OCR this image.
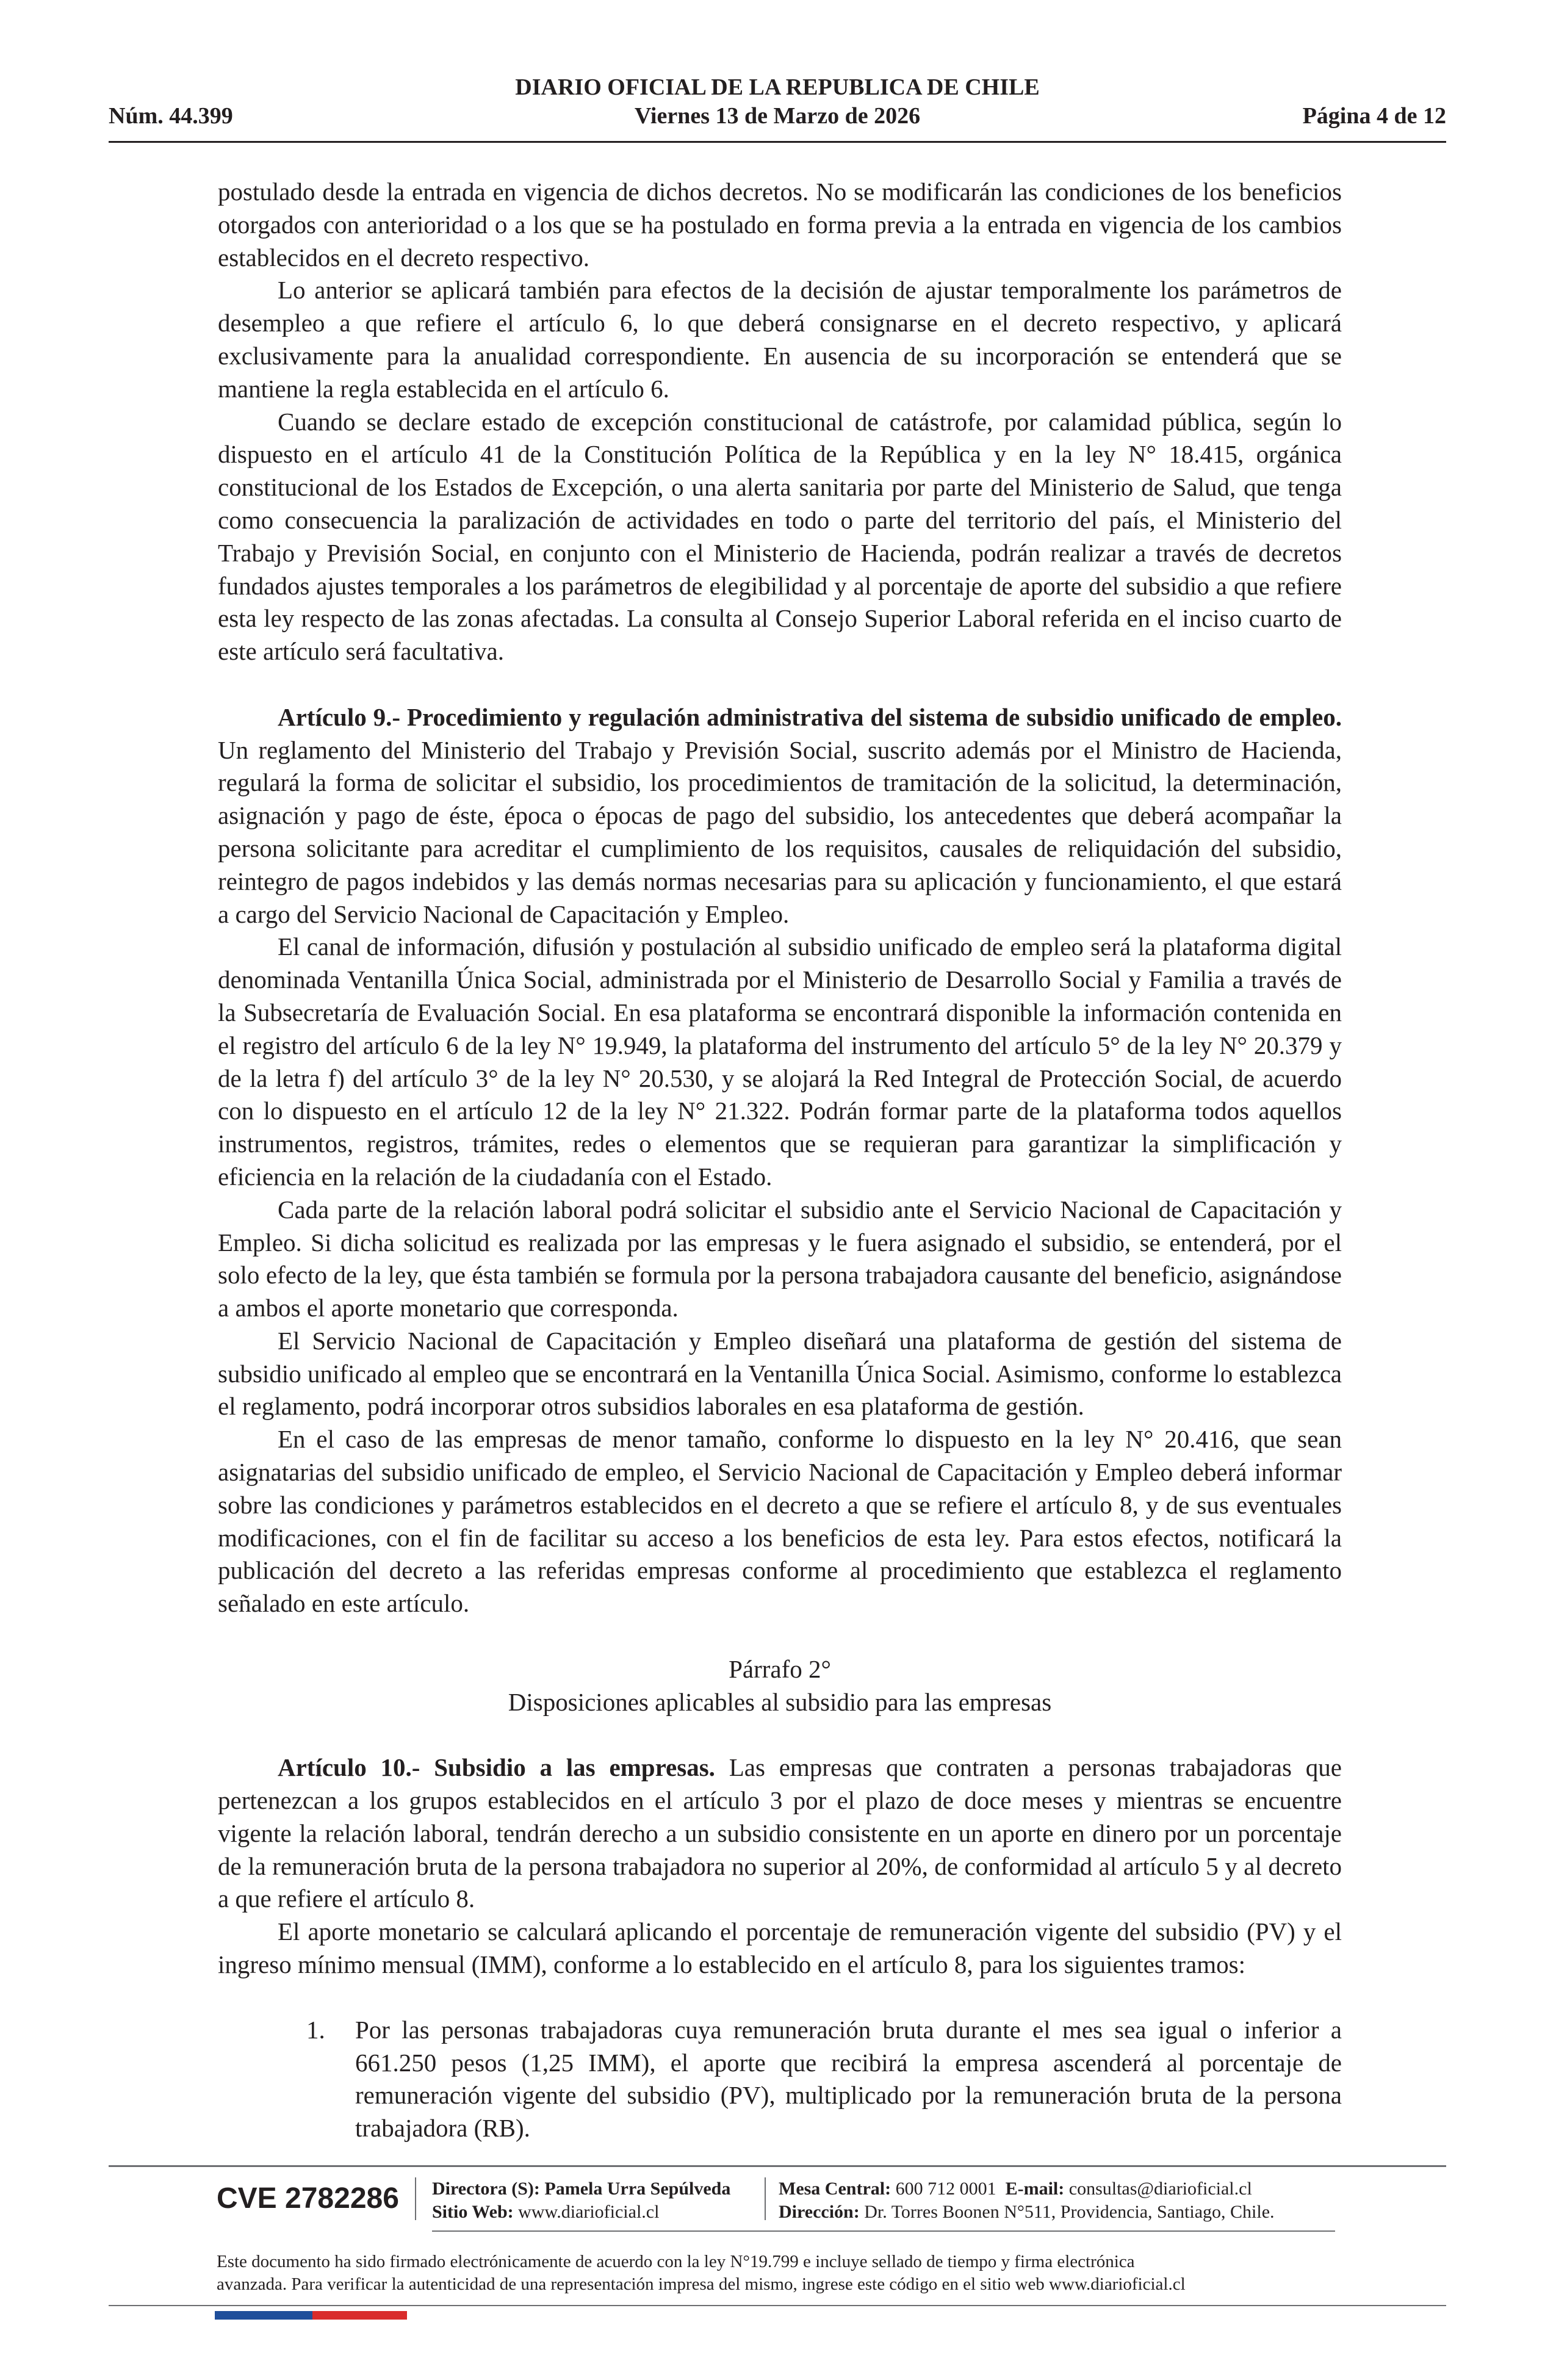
Núm. 44.399
DIARIO OFICIAL DE LA REPUBLICA DE CHILE
Viernes 13 de Marzo de 2026	Página 4 de 12

postulado desde la entrada en vigencia de dichos decretos. No se modificarán las condiciones de los beneficios otorgados con anterioridad o a los que se ha postulado en forma previa a la entrada en vigencia de los cambios establecidos en el decreto respectivo.

Lo anterior se aplicará también para efectos de la decisión de ajustar temporalmente los parámetros de desempleo a que refiere el artículo 6, lo que deberá consignarse en el decreto respectivo, y aplicará exclusivamente para la anualidad correspondiente. En ausencia de su incorporación se entenderá que se mantiene la regla establecida en el artículo 6.

Cuando se declare estado de excepción constitucional de catástrofe, por calamidad pública, según lo dispuesto en el artículo 41 de la Constitución Política de la República y en la ley N° 18.415, orgánica constitucional de los Estados de Excepción, o una alerta sanitaria por parte del Ministerio de Salud, que tenga como consecuencia la paralización de actividades en todo o parte del territorio del país, el Ministerio del Trabajo y Previsión Social, en conjunto con el Ministerio de Hacienda, podrán realizar a través de decretos fundados ajustes temporales a los parámetros de elegibilidad y al porcentaje de aporte del subsidio a que refiere esta ley respecto de las zonas afectadas. La consulta al Consejo Superior Laboral referida en el inciso cuarto de este artículo será facultativa.

Artículo 9.- Procedimiento y regulación administrativa del sistema de subsidio unificado de empleo. Un reglamento del Ministerio del Trabajo y Previsión Social, suscrito además por el Ministro de Hacienda, regulará la forma de solicitar el subsidio, los procedimientos de tramitación de la solicitud, la determinación, asignación y pago de éste, época o épocas de pago del subsidio, los antecedentes que deberá acompañar la persona solicitante para acreditar el cumplimiento de los requisitos, causales de reliquidación del subsidio, reintegro de pagos indebidos y las demás normas necesarias para su aplicación y funcionamiento, el que estará a cargo del Servicio Nacional de Capacitación y Empleo.

El canal de información, difusión y postulación al subsidio unificado de empleo será la plataforma digital denominada Ventanilla Única Social, administrada por el Ministerio de Desarrollo Social y Familia a través de la Subsecretaría de Evaluación Social. En esa plataforma se encontrará disponible la información contenida en el registro del artículo 6 de la ley N° 19.949, la plataforma del instrumento del artículo 5° de la ley N° 20.379 y de la letra f) del artículo 3° de la ley N° 20.530, y se alojará la Red Integral de Protección Social, de acuerdo con lo dispuesto en el artículo 12 de la ley N° 21.322. Podrán formar parte de la plataforma todos aquellos instrumentos, registros, trámites, redes o elementos que se requieran para garantizar la simplificación y eficiencia en la relación de la ciudadanía con el Estado.

Cada parte de la relación laboral podrá solicitar el subsidio ante el Servicio Nacional de Capacitación y Empleo. Si dicha solicitud es realizada por las empresas y le fuera asignado el subsidio, se entenderá, por el solo efecto de la ley, que ésta también se formula por la persona trabajadora causante del beneficio, asignándose a ambos el aporte monetario que corresponda.

El Servicio Nacional de Capacitación y Empleo diseñará una plataforma de gestión del sistema de subsidio unificado al empleo que se encontrará en la Ventanilla Única Social. Asimismo, conforme lo establezca el reglamento, podrá incorporar otros subsidios laborales en esa plataforma de gestión.

En el caso de las empresas de menor tamaño, conforme lo dispuesto en la ley N° 20.416, que sean asignatarias del subsidio unificado de empleo, el Servicio Nacional de Capacitación y Empleo deberá informar sobre las condiciones y parámetros establecidos en el decreto a que se refiere el artículo 8, y de sus eventuales modificaciones, con el fin de facilitar su acceso a los beneficios de esta ley. Para estos efectos, notificará la publicación del decreto a las referidas empresas conforme al procedimiento que establezca el reglamento señalado en este artículo.

Párrafo 2°

Disposiciones aplicables al subsidio para las empresas

Artículo 10.- Subsidio a las empresas. Las empresas que contraten a personas trabajadoras que pertenezcan a los grupos establecidos en el artículo 3 por el plazo de doce meses y mientras se encuentre vigente la relación laboral, tendrán derecho a un subsidio consistente en un aporte en dinero por un porcentaje de la remuneración bruta de la persona trabajadora no superior al 20%, de conformidad al artículo 5 y al decreto a que refiere el artículo 8.

El aporte monetario se calculará aplicando el porcentaje de remuneración vigente del subsidio (PV) y el ingreso mínimo mensual (IMM), conforme a lo establecido en el artículo 8, para los siguientes tramos:

1. Por las personas trabajadoras cuya remuneración bruta durante el mes sea igual o inferior a 661.250 pesos (1,25 IMM), el aporte que recibirá la empresa ascenderá al porcentaje de remuneración vigente del subsidio (PV), multiplicado por la remuneración bruta de la persona trabajadora (RB).
CVE 2782286 Directora (S): Pamela Urra Sepúlveda
Sitio Web: www.diarioficial.cl
Mesa Central: 600 712 0001 E-mail: consultas@diarioficial.cl
Dirección: Dr. Torres Boonen N°511, Providencia, Santiago, Chile.
Este documento ha sido firmado electrónicamente de acuerdo con la ley N°19.799 e incluye sellado de tiempo y firma electrónica
avanzada. Para verificar la autenticidad de una representación impresa del mismo, ingrese este código en el sitio web www.diarioficial.cl
